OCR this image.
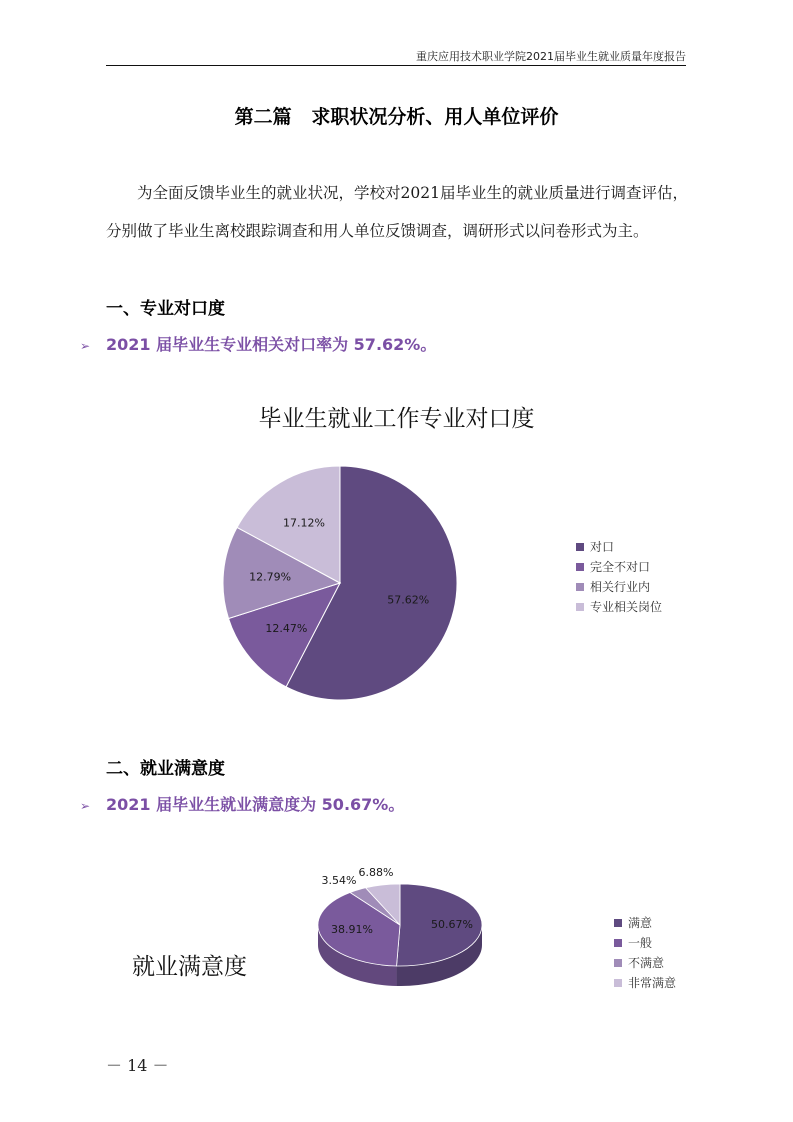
重庆应用技术职业学院2021届毕业生就业质量年度报告
第二篇   求职状况分析、用人单位评价

为全面反馈毕业生的就业状况，学校对2021届毕业生的就业质量进行调查评估，分别做了毕业生离校跟踪调查和用人单位反馈调查，调研形式以问卷形式为主。

一、专业对口度

➢ 2021 届毕业生专业相关对口率为 57.62%。

毕业生就业工作专业对口度
二、就业满意度

➢ 2021 届毕业生就业满意度为 50.67%。

就业满意度
57.62%
12.47%
12.79%
17.12%
对口
完全不对口
相关行业内
专业相关岗位
50.67%
38.91%
3.54%
6.88%
满意
一般
不满意
非常满意
－ 14 －
